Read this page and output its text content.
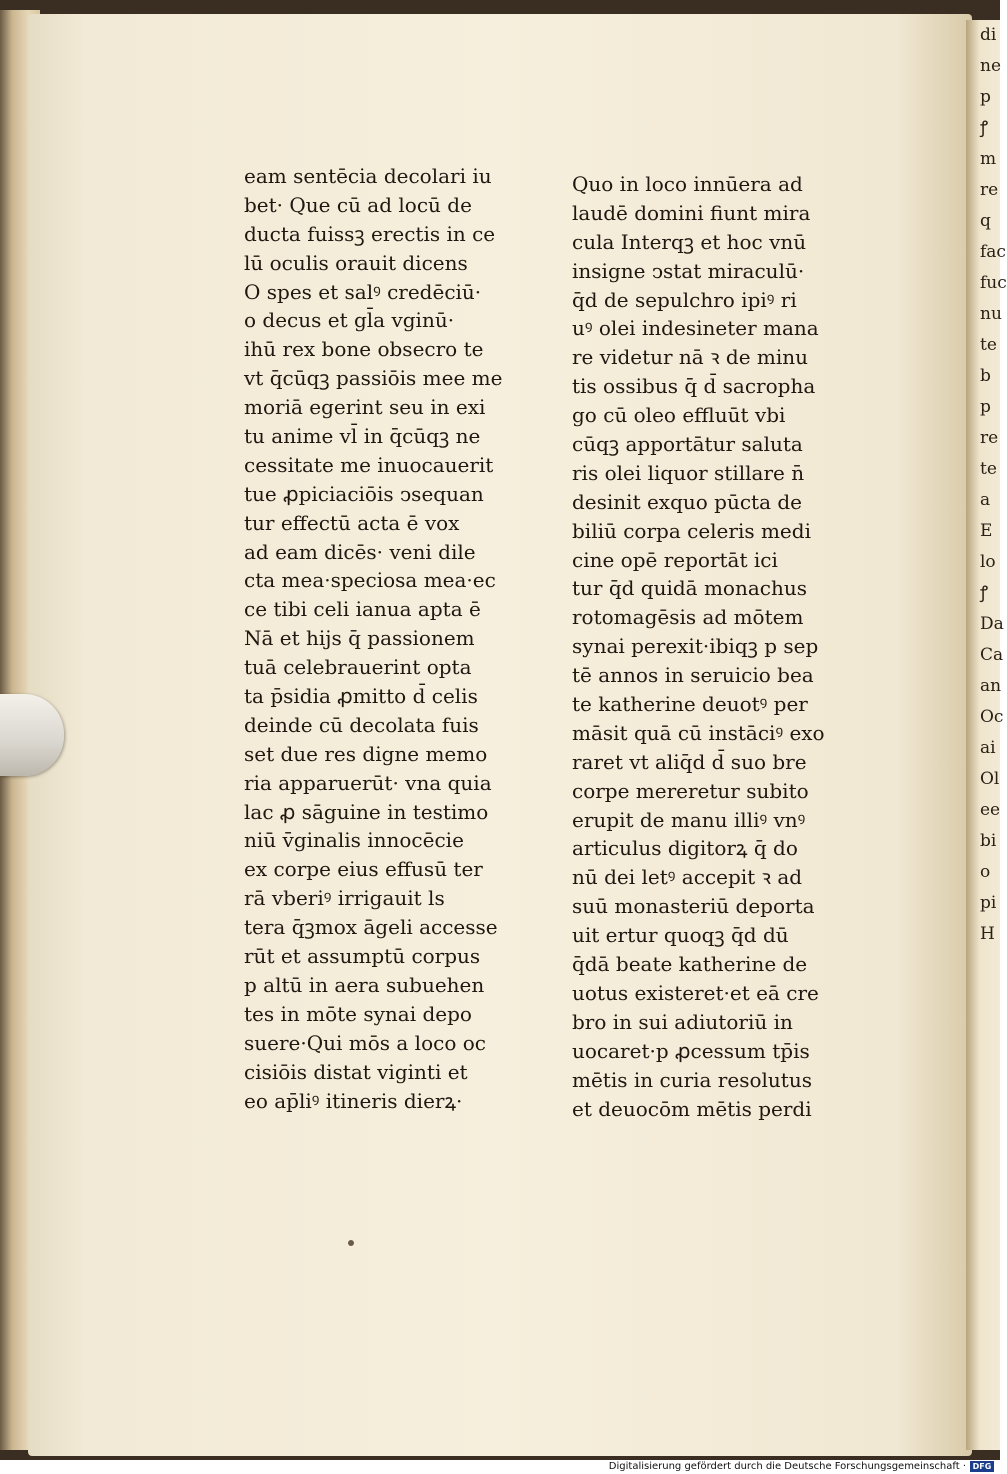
di
ne
p
ꝭ
m
re
q
fac
fuc
nu
te
b
p
re
te
a
E
lo
ꝭ
Da
Ca
an
Oc
ai
Ol
ee
bi
o
pi
H
eam sentēcia decolari iu
bet· Que cū ad locū de
ducta fuissꝫ erectis in ce
lū oculis orauit dicens
O spes et salꝰ credēciū·
o decus et gl̄a vginū·
ihū rex bone obsecro te
vt q̄cūqꝫ passiōis mee me
moriā egerint seu in exi
tu anime vl̄ in q̄cūqꝫ ne
cessitate me inuocauerit
tue ꝓpiciaciōis ↄsequan
tur effectū acta ē vox
ad eam dicēs· veni dile
cta mea·speciosa mea·ec
ce tibi celi ianua apta ē
Nā et hijs q̄ passionem
tuā celebrauerint opta
ta p̄sidia ꝓmitto d̄ celis
deinde cū decolata fuis
set due res digne memo
ria apparuerūt· vna quia
lac ꝓ sāguine in testimo
niū v̄ginalis innocēcie
ex corpe eius effusū ter
rā vberiꝰ irrigauit ls
tera q̄ꝫmox āgeli accesse
rūt et assumptū corpus
p altū in aera subuehen
tes in mōte synai depo
suere·Qui mōs a loco oc
cisiōis distat viginti et
eo ap̄liꝰ itineris dierꝝ·
Quo in loco innūera ad
laudē domini fiunt mira
cula Interqꝫ et hoc vnū
insigne ↄstat miraculū·
q̄d de sepulchro ipiꝰ ri
uꝰ olei indesineter mana
re videtur nā ꝛ de minu
tis ossibus q̄ d̄ sacropha
go cū oleo effluūt vbi
cūqꝫ apportātur saluta
ris olei liquor stillare n̄
desinit exquo pūcta de
biliū corpa celeris medi
cine opē reportāt ici
tur q̄d quidā monachus
rotomagēsis ad mōtem
synai perexit·ibiqꝫ p sep
tē annos in seruicio bea
te katherine deuotꝰ per
māsit quā cū instāciꝰ exo
raret vt aliq̄d d̄ suo bre
corpe mereretur subito
erupit de manu illiꝰ vnꝰ
articulus digitorꝝ q̄ do
nū dei letꝰ accepit ꝛ ad
suū monasteriū deporta
uit ertur quoqꝫ q̄d dū
q̄dā beate katherine de
uotus existeret·et eā cre
bro in sui adiutoriū in
uocaret·p ꝓcessum tp̄is
mētis in curia resolutus
et deuocōm mētis perdi
Digitalisierung gefördert durch die Deutsche Forschungsgemeinschaft · DFG
